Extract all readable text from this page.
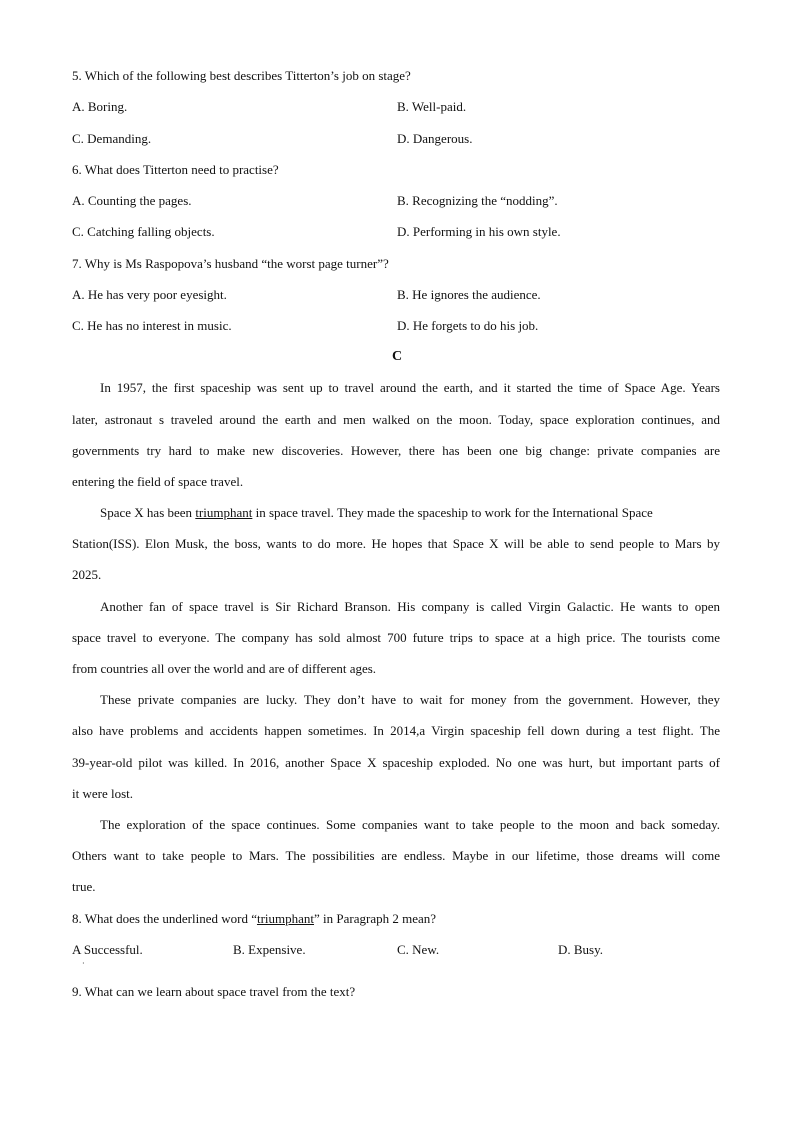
5. Which of the following best describes Titterton’s job on stage?
A. Boring.	B. Well-paid.
C. Demanding.	D. Dangerous.
6. What does Titterton need to practise?
A. Counting the pages.	B. Recognizing the “nodding”.
C. Catching falling objects.	D. Performing in his own style.
7. Why is Ms Raspopova’s husband “the worst page turner”?
A. He has very poor eyesight.	B. He ignores the audience.
C. He has no interest in music.	D. He forgets to do his job.
C
In 1957, the first spaceship was sent up to travel around the earth, and it started the time of Space Age. Years
later, astronaut s traveled around the earth and men walked on the moon. Today, space exploration continues, and
governments try hard to make new discoveries. However, there has been one big change: private companies are
entering the field of space travel.
Space X has been triumphant in space travel. They made the spaceship to work for the International Space
Station(ISS). Elon Musk, the boss, wants to do more. He hopes that Space X will be able to send people to Mars by
2025.
Another fan of space travel is Sir Richard Branson. His company is called Virgin Galactic. He wants to open
space travel to everyone. The company has sold almost 700 future trips to space at a high price. The tourists come
from countries all over the world and are of different ages.
These private companies are lucky. They don’t have to wait for money from the government. However, they
also have problems and accidents happen sometimes. In 2014,a Virgin spaceship fell down during a test flight. The
39-year-old pilot was killed. In 2016, another Space X spaceship exploded. No one was hurt, but important parts of
it were lost.
The exploration of the space continues. Some companies want to take people to the moon and back someday.
Others want to take people to Mars. The possibilities are endless. Maybe in our lifetime, those dreams will come
true.
8. What does the underlined word “triumphant” in Paragraph 2 mean?
A Successful.	B. Expensive.	C. New.	D. Busy.
·
9. What can we learn about space travel from the text?
